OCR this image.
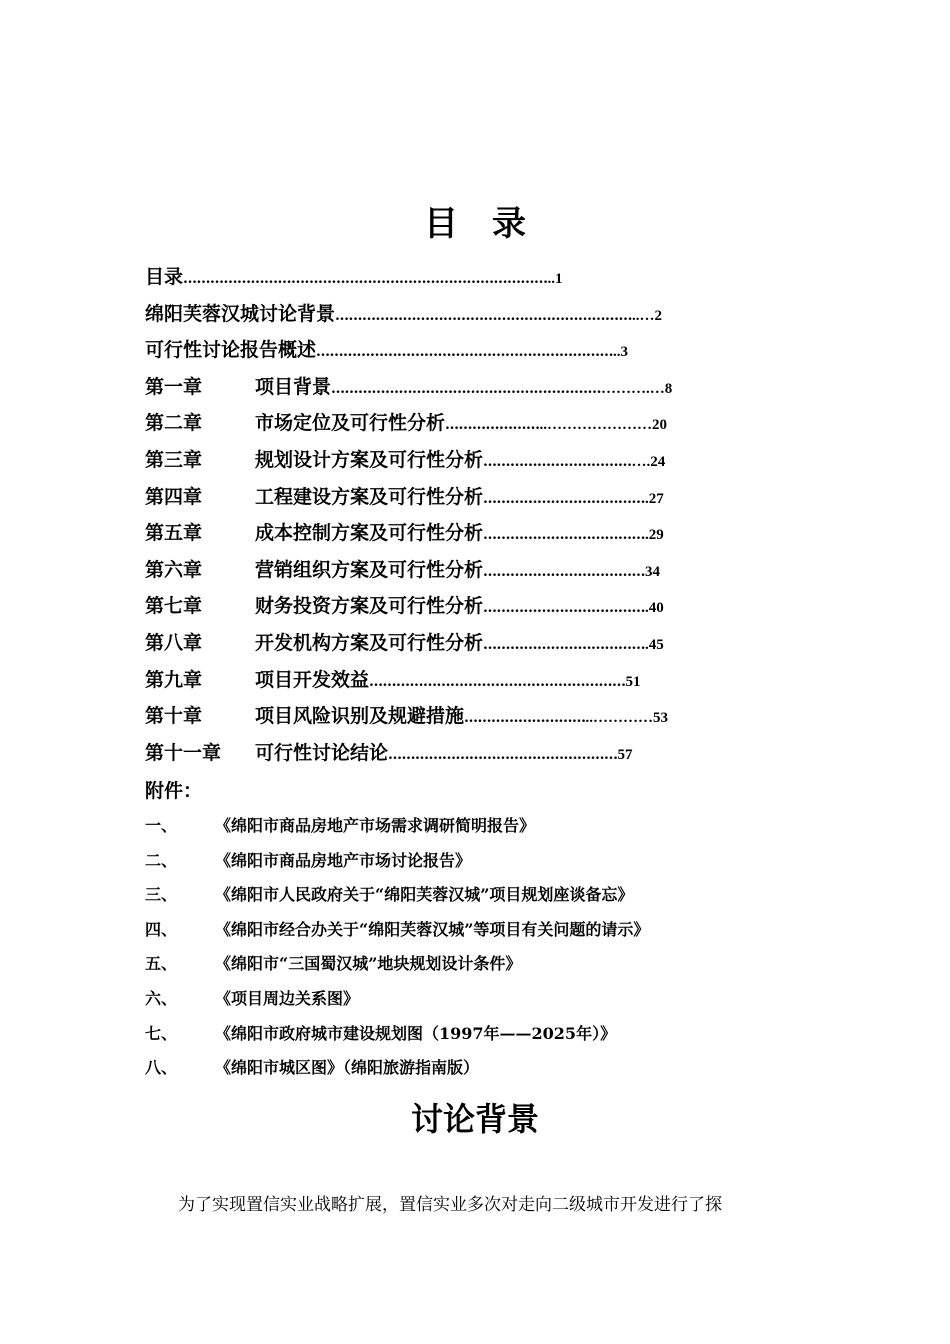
目 录
目录………………………………………………………………………..1
绵阳芙蓉汉城讨论背景…………………………………………………………..…2
可行性讨论报告概述…………………………………………………………..3
第一章	项目背景…………………………………………………………….…8
第二章	市场定位及可行性分析…………………..…………………20
第三章	规划设计方案及可行性分析……………………………….24
第四章	工程建设方案及可行性分析……………………………….27
第五章	成本控制方案及可行性分析……………………………….29
第六章	营销组织方案及可行性分析………………………………34
第七章	财务投资方案及可行性分析……………………………….40
第八章	开发机构方案及可行性分析……………………………….45
第九章	项目开发效益…………………………………………………51
第十章	项目风险识别及规避措施………………………..…………53
第十一章 可行性讨论结论……………………………………………57
附件：
一、 《绵阳市商品房地产市场需求调研简明报告》
二、 《绵阳市商品房地产市场讨论报告》
三、 《绵阳市人民政府关于“绵阳芙蓉汉城”项目规划座谈备忘》
四、 《绵阳市经合办关于“绵阳芙蓉汉城”等项目有关问题的请示》
五、 《绵阳市“三国蜀汉城”地块规划设计条件》
六、 《项目周边关系图》
七、 《绵阳市政府城市建设规划图（1997年——2025年）》
八、 《绵阳市城区图》（绵阳旅游指南版）
讨论背景
为了实现置信实业战略扩展，置信实业多次对走向二级城市开发进行了探
